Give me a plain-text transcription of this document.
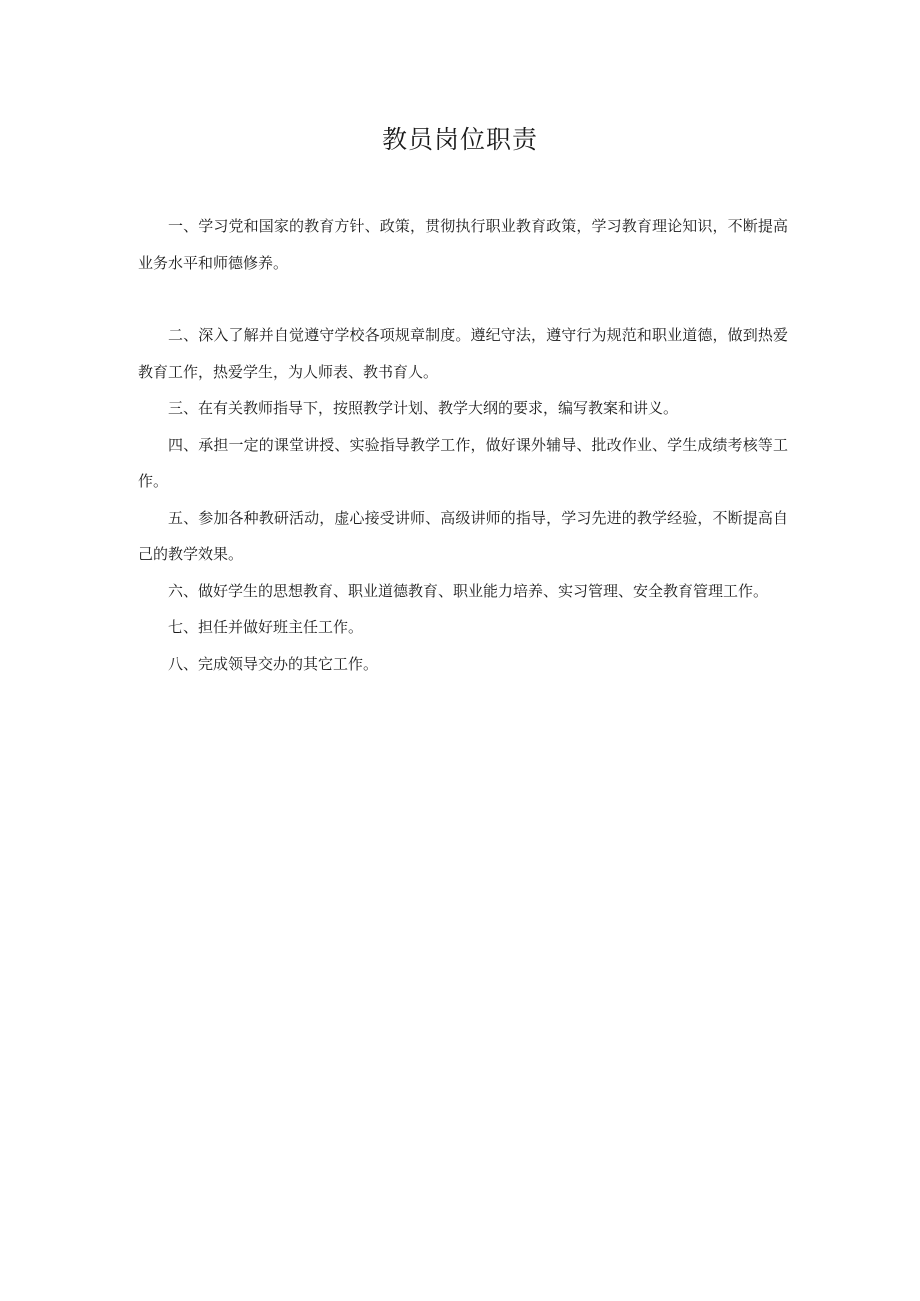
教员岗位职责

一、学习党和国家的教育方针、政策，贯彻执行职业教育政策，学习教育理论知识，不断提高业务水平和师德修养。

二、深入了解并自觉遵守学校各项规章制度。遵纪守法，遵守行为规范和职业道德，做到热爱教育工作，热爱学生，为人师表、教书育人。

三、在有关教师指导下，按照教学计划、教学大纲的要求，编写教案和讲义。

四、承担一定的课堂讲授、实验指导教学工作，做好课外辅导、批改作业、学生成绩考核等工作。

五、参加各种教研活动，虚心接受讲师、高级讲师的指导，学习先进的教学经验，不断提高自己的教学效果。

六、做好学生的思想教育、职业道德教育、职业能力培养、实习管理、安全教育管理工作。

七、担任并做好班主任工作。

八、完成领导交办的其它工作。
